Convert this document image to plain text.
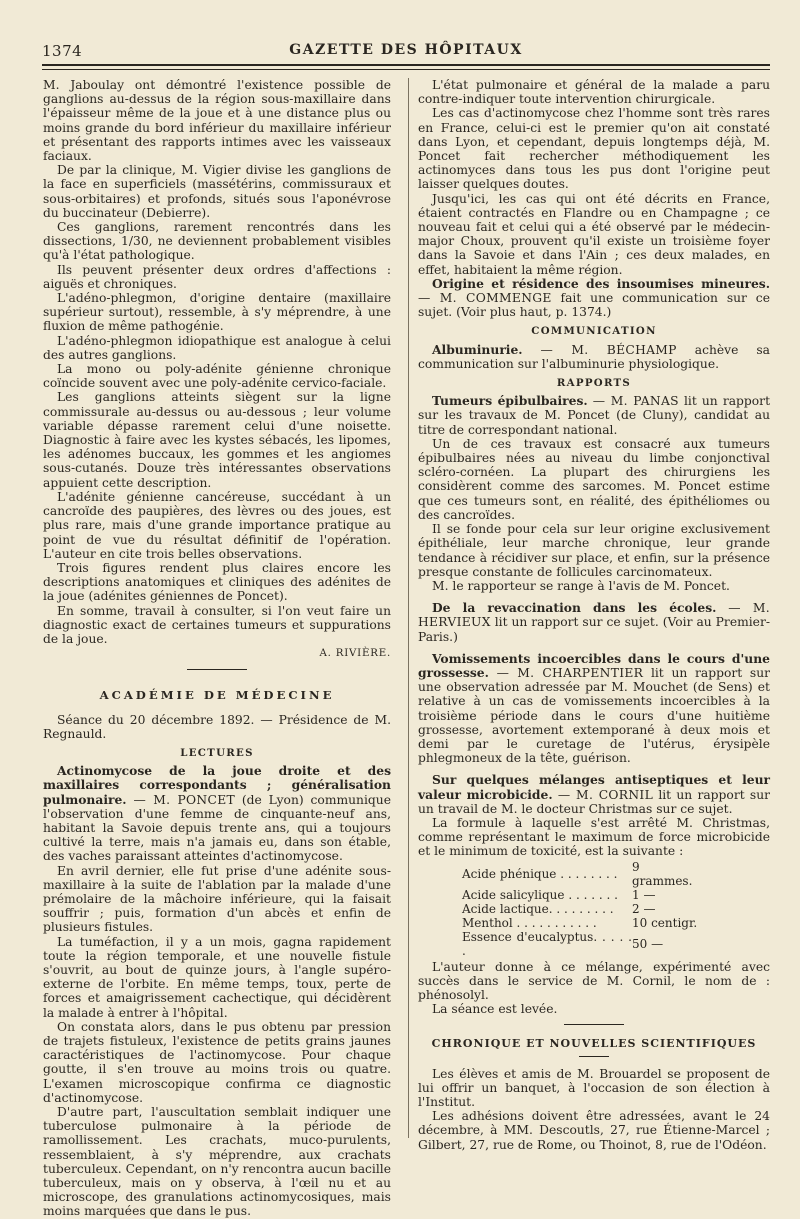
1374	GAZETTE DES HÔPITAUX

M. Jaboulay ont démontré l'existence possible de ganglions au-dessus de la région sous-maxillaire dans l'épaisseur même de la joue et à une distance plus ou moins grande du bord inférieur du maxillaire inférieur et présentant des rapports intimes avec les vaisseaux faciaux.

De par la clinique, M. Vigier divise les ganglions de la face en superficiels (massétérins, commissuraux et sous-orbitaires) et profonds, situés sous l'aponévrose du buccinateur (Debierre).

Ces ganglions, rarement rencontrés dans les dissections, 1/30, ne deviennent probablement visibles qu'à l'état pathologique.

Ils peuvent présenter deux ordres d'affections : aiguës et chroniques.

L'adéno-phlegmon, d'origine dentaire (maxillaire supérieur surtout), ressemble, à s'y méprendre, à une fluxion de même pathogénie.

L'adéno-phlegmon idiopathique est analogue à celui des autres ganglions.

La mono ou poly-adénite génienne chronique coïncide souvent avec une poly-adénite cervico-faciale.

Les ganglions atteints siègent sur la ligne commissurale au-dessus ou au-dessous ; leur volume variable dépasse rarement celui d'une noisette. Diagnostic à faire avec les kystes sébacés, les lipomes, les adénomes buccaux, les gommes et les angiomes sous-cutanés. Douze très intéressantes observations appuient cette description.

L'adénite génienne cancéreuse, succédant à un cancroïde des paupières, des lèvres ou des joues, est plus rare, mais d'une grande importance pratique au point de vue du résultat définitif de l'opération. L'auteur en cite trois belles observations.

Trois figures rendent plus claires encore les descriptions anatomiques et cliniques des adénites de la joue (adénites géniennes de Poncet).

En somme, travail à consulter, si l'on veut faire un diagnostic exact de certaines tumeurs et suppurations de la joue.

A. RIVIÈRE.
ACADÉMIE DE MÉDECINE

Séance du 20 décembre 1892. — Présidence de M. Regnauld.

LECTURES

Actinomycose de la joue droite et des maxillaires correspondants ; généralisation pulmonaire. — M. PONCET (de Lyon) communique l'observation d'une femme de cinquante-neuf ans, habitant la Savoie depuis trente ans, qui a toujours cultivé la terre, mais n'a jamais eu, dans son étable, des vaches paraissant atteintes d'actinomycose.

En avril dernier, elle fut prise d'une adénite sous-maxillaire à la suite de l'ablation par la malade d'une prémolaire de la mâchoire inférieure, qui la faisait souffrir ; puis, formation d'un abcès et enfin de plusieurs fistules.

La tuméfaction, il y a un mois, gagna rapidement toute la région temporale, et une nouvelle fistule s'ouvrit, au bout de quinze jours, à l'angle supéro-externe de l'orbite. En même temps, toux, perte de forces et amaigrissement cachectique, qui décidèrent la malade à entrer à l'hôpital.

On constata alors, dans le pus obtenu par pression de trajets fistuleux, l'existence de petits grains jaunes caractéristiques de l'actinomycose. Pour chaque goutte, il s'en trouve au moins trois ou quatre. L'examen microscopique confirma ce diagnostic d'actinomycose.

D'autre part, l'auscultation semblait indiquer une tuberculose pulmonaire à la période de ramollissement. Les crachats, muco-purulents, ressemblaient, à s'y méprendre, aux crachats tuberculeux. Cependant, on n'y rencontra aucun bacille tuberculeux, mais on y observa, à l'œil nu et au microscope, des granulations actinomycosiques, mais moins marquées que dans le pus.

L'état pulmonaire et général de la malade a paru contre-indiquer toute intervention chirurgicale.

Les cas d'actinomycose chez l'homme sont très rares en France, celui-ci est le premier qu'on ait constaté dans Lyon, et cependant, depuis longtemps déjà, M. Poncet fait rechercher méthodiquement les actinomyces dans tous les pus dont l'origine peut laisser quelques doutes.

Jusqu'ici, les cas qui ont été décrits en France, étaient contractés en Flandre ou en Champagne ; ce nouveau fait et celui qui a été observé par le médecin-major Choux, prouvent qu'il existe un troisième foyer dans la Savoie et dans l'Ain ; ces deux malades, en effet, habitaient la même région.

Origine et résidence des insoumises mineures. — M. COMMENGE fait une communication sur ce sujet. (Voir plus haut, p. 1374.)

COMMUNICATION

Albuminurie. — M. BÉCHAMP achève sa communication sur l'albuminurie physiologique.

RAPPORTS

Tumeurs épibulbaires. — M. PANAS lit un rapport sur les travaux de M. Poncet (de Cluny), candidat au titre de correspondant national.

Un de ces travaux est consacré aux tumeurs épibulbaires nées au niveau du limbe conjonctival scléro-cornéen. La plupart des chirurgiens les considèrent comme des sarcomes. M. Poncet estime que ces tumeurs sont, en réalité, des épithéliomes ou des cancroïdes.

Il se fonde pour cela sur leur origine exclusivement épithéliale, leur marche chronique, leur grande tendance à récidiver sur place, et enfin, sur la présence presque constante de follicules carcinomateux.

M. le rapporteur se range à l'avis de M. Poncet.

De la revaccination dans les écoles. — M. HERVIEUX lit un rapport sur ce sujet. (Voir au Premier-Paris.)

Vomissements incoercibles dans le cours d'une grossesse. — M. CHARPENTIER lit un rapport sur une observation adressée par M. Mouchet (de Sens) et relative à un cas de vomissements incoercibles à la troisième période dans le cours d'une huitième grossesse, avortement extemporané à deux mois et demi par le curetage de l'utérus, érysipèle phlegmoneux de la tête, guérison.

Sur quelques mélanges antiseptiques et leur valeur microbicide. — M. CORNIL lit un rapport sur un travail de M. le docteur Christmas sur ce sujet.

La formule à laquelle s'est arrêté M. Christmas, comme représentant le maximum de force microbicide et le minimum de toxicité, est la suivante :

Acide phénique . . . . . . . .	9 grammes.
Acide salicylique . . . . . . .	1 —
Acide lactique. . . . . . . . .	2 —
Menthol . . . . . . . . . . .	10 centigr.
Essence d'eucalyptus. . . . . .	50 —

L'auteur donne à ce mélange, expérimenté avec succès dans le service de M. Cornil, le nom de : phénosolyl.

La séance est levée.

CHRONIQUE ET NOUVELLES SCIENTIFIQUES

Les élèves et amis de M. Brouardel se proposent de lui offrir un banquet, à l'occasion de son élection à l'Institut.

Les adhésions doivent être adressées, avant le 24 décembre, à MM. Descoutls, 27, rue Étienne-Marcel ; Gilbert, 27, rue de Rome, ou Thoinot, 8, rue de l'Odéon.
